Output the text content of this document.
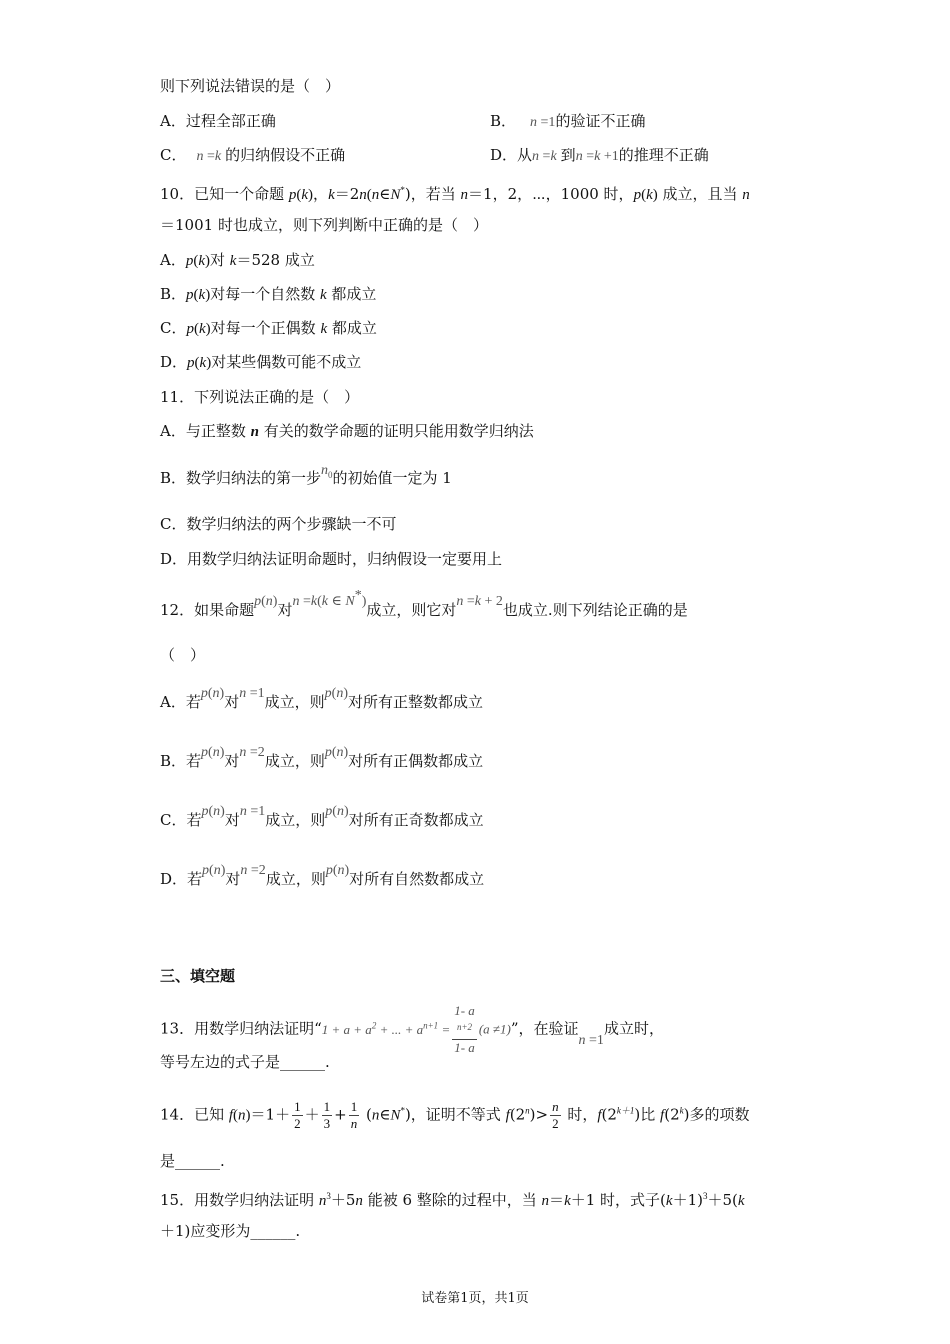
则下列说法错误的是（　）
A．过程全部正确	B． n =1的验证不正确
C． n =k 的归纳假设不正确	D．从n =k 到n =k +1的推理不正确
10．已知一个命题 p(k)，k＝2n(n∈N*)，若当 n＝1，2，⋯，1000 时，p(k) 成立，且当 n
＝1001 时也成立，则下列判断中正确的是（　）
A．p(k)对 k＝528 成立
B．p(k)对每一个自然数 k 都成立
C．p(k)对每一个正偶数 k 都成立
D．p(k)对某些偶数可能不成立
11．下列说法正确的是（　）
A．与正整数 n 有关的数学命题的证明只能用数学归纳法
B．数学归纳法的第一步$n_0$的初始值一定为 1
C．数学归纳法的两个步骤缺一不可
D．用数学归纳法证明命题时，归纳假设一定要用上
12．如果命题p(n)对n =k(k ∈ N*)成立，则它对n =k + 2也成立.则下列结论正确的是
（　）
A．若p(n)对n =1成立，则p(n)对所有正整数都成立
B．若p(n)对n =2成立，则p(n)对所有正偶数都成立
C．若p(n)对n =1成立，则p(n)对所有正奇数都成立
D．若p(n)对n =2成立，则p(n)对所有自然数都成立
三、填空题
13．用数学归纳法证明“$1 + a + a^2$ + ... + $a^{n+1} = 1-$ a
$^{n+2}$
1- a (a ≠1)”，在验证n =1成立时，
等号左边的式子是______.
14．已知 $f(n)=1+ \frac{1}{2} + \frac{1}{3} + \frac{1}{n}$ (n∈N*)，证明不等式 $f(2^n)> \frac{n}{2}$ 时，$f(2^{k+1})$比 f(2$^k$)多的项数
是______.
15．用数学归纳法证明 $n^3+5n$ 能被 6 整除的过程中，当 n＝k＋1 时，式子$(k+1)^3+5(k$
＋1)应变形为______.
试卷第1页，共1页
